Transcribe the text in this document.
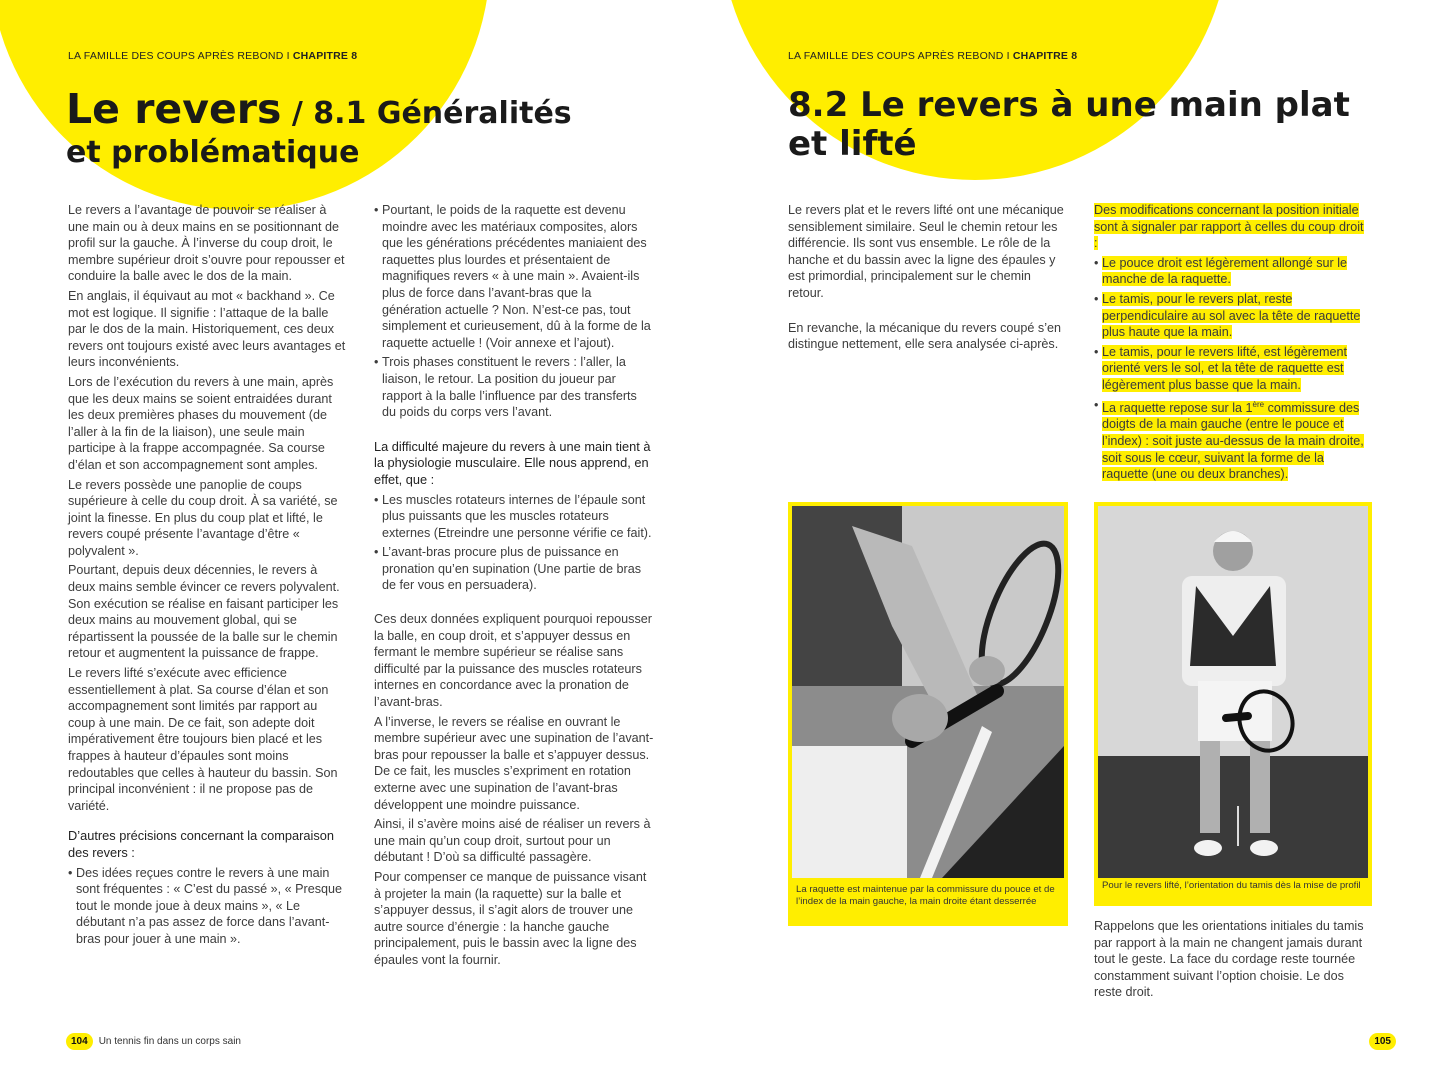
LA FAMILLE DES COUPS APRÈS REBOND I CHAPITRE 8
Le revers / 8.1 Généralités
et problématique

Le revers a l’avantage de pouvoir se réaliser à une main ou à deux mains en se positionnant de profil sur la gauche. À l’inverse du coup droit, le membre supérieur droit s’ouvre pour repousser et conduire la balle avec le dos de la main.

En anglais, il équivaut au mot « backhand ». Ce mot est logique. Il signifie : l’attaque de la balle par le dos de la main. Historiquement, ces deux revers ont toujours existé avec leurs avantages et leurs inconvénients.

Lors de l’exécution du revers à une main, après que les deux mains se soient entraidées durant les deux premières phases du mouvement (de l’aller à la fin de la liaison), une seule main participe à la frappe accompagnée. Sa course d’élan et son accompagnement sont amples.

Le revers possède une panoplie de coups supérieure à celle du coup droit. À sa variété, se joint la finesse. En plus du coup plat et lifté, le revers coupé présente l’avantage d’être « polyvalent ».

Pourtant, depuis deux décennies, le revers à deux mains semble évincer ce revers polyvalent. Son exécution se réalise en faisant participer les deux mains au mouvement global, qui se répartissent la poussée de la balle sur le chemin retour et augmentent la puissance de frappe.

Le revers lifté s’exécute avec efficience essentiellement à plat. Sa course d’élan et son accompagnement sont limités par rapport au coup à une main. De ce fait, son adepte doit impérativement être toujours bien placé et les frappes à hauteur d’épaules sont moins redoutables que celles à hauteur du bassin. Son principal inconvénient : il ne propose pas de variété.

D’autres précisions concernant la comparaison des revers :

• Des idées reçues contre le revers à une main sont fréquentes : « C’est du passé », « Presque tout le monde joue à deux mains », « Le débutant n’a pas assez de force dans l’avant-bras pour jouer à une main ».
• Pourtant, le poids de la raquette est devenu moindre avec les matériaux composites, alors que les générations précédentes maniaient des raquettes plus lourdes et présentaient de magnifiques revers « à une main ». Avaient-ils plus de force dans l’avant-bras que la génération actuelle ? Non. N’est-ce pas, tout simplement et curieusement, dû à la forme de la raquette actuelle ! (Voir annexe et l’ajout).
• Trois phases constituent le revers : l’aller, la liaison, le retour. La position du joueur par rapport à la balle l’influence par des transferts du poids du corps vers l’avant.

La difficulté majeure du revers à une main tient à la physiologie musculaire. Elle nous apprend, en effet, que :

• Les muscles rotateurs internes de l’épaule sont plus puissants que les muscles rotateurs externes (Etreindre une personne vérifie ce fait).
• L’avant-bras procure plus de puissance en pronation qu’en supination (Une partie de bras de fer vous en persuadera).

Ces deux données expliquent pourquoi repousser la balle, en coup droit, et s’appuyer dessus en fermant le membre supérieur se réalise sans difficulté par la puissance des muscles rotateurs internes en concordance avec la pronation de l’avant-bras.

A l’inverse, le revers se réalise en ouvrant le membre supérieur avec une supination de l’avant-bras pour repousser la balle et s’appuyer dessus. De ce fait, les muscles s’expriment en rotation externe avec une supination de l’avant-bras développent une moindre puissance.

Ainsi, il s’avère moins aisé de réaliser un revers à une main qu’un coup droit, surtout pour un débutant ! D’où sa difficulté passagère.

Pour compenser ce manque de puissance visant à projeter la main (la raquette) sur la balle et s’appuyer dessus, il s’agit alors de trouver une autre source d’énergie : la hanche gauche principalement, puis le bassin avec la ligne des épaules vont la fournir.

104	Un tennis fin dans un corps sain
LA FAMILLE DES COUPS APRÈS REBOND I CHAPITRE 8
8.2 Le revers à une main plat
et lifté

Le revers plat et le revers lifté ont une mécanique sensiblement similaire. Seul le chemin retour les différencie. Ils sont vus ensemble. Le rôle de la hanche et du bassin avec la ligne des épaules y est primordial, principalement sur le chemin retour.

En revanche, la mécanique du revers coupé s’en distingue nettement, elle sera analysée ci-après.

Des modifications concernant la position initiale sont à signaler par rapport à celles du coup droit :

• Le pouce droit est légèrement allongé sur le manche de la raquette.
• Le tamis, pour le revers plat, reste perpendiculaire au sol avec la tête de raquette plus haute que la main.
• Le tamis, pour le revers lifté, est légèrement orienté vers le sol, et la tête de raquette est légèrement plus basse que la main.
• La raquette repose sur la 1ère commissure des doigts de la main gauche (entre le pouce et l’index) : soit juste au-dessus de la main droite, soit sous le cœur, suivant la forme de la raquette (une ou deux branches).
La raquette est maintenue par la commissure du pouce et de l’index de la main gauche, la main droite étant desserrée
Pour le revers lifté, l’orientation du tamis dès la mise de profil

Rappelons que les orientations initiales du tamis par rapport à la main ne changent jamais durant tout le geste. La face du cordage reste tournée constamment suivant l’option choisie. Le dos reste droit.

105
